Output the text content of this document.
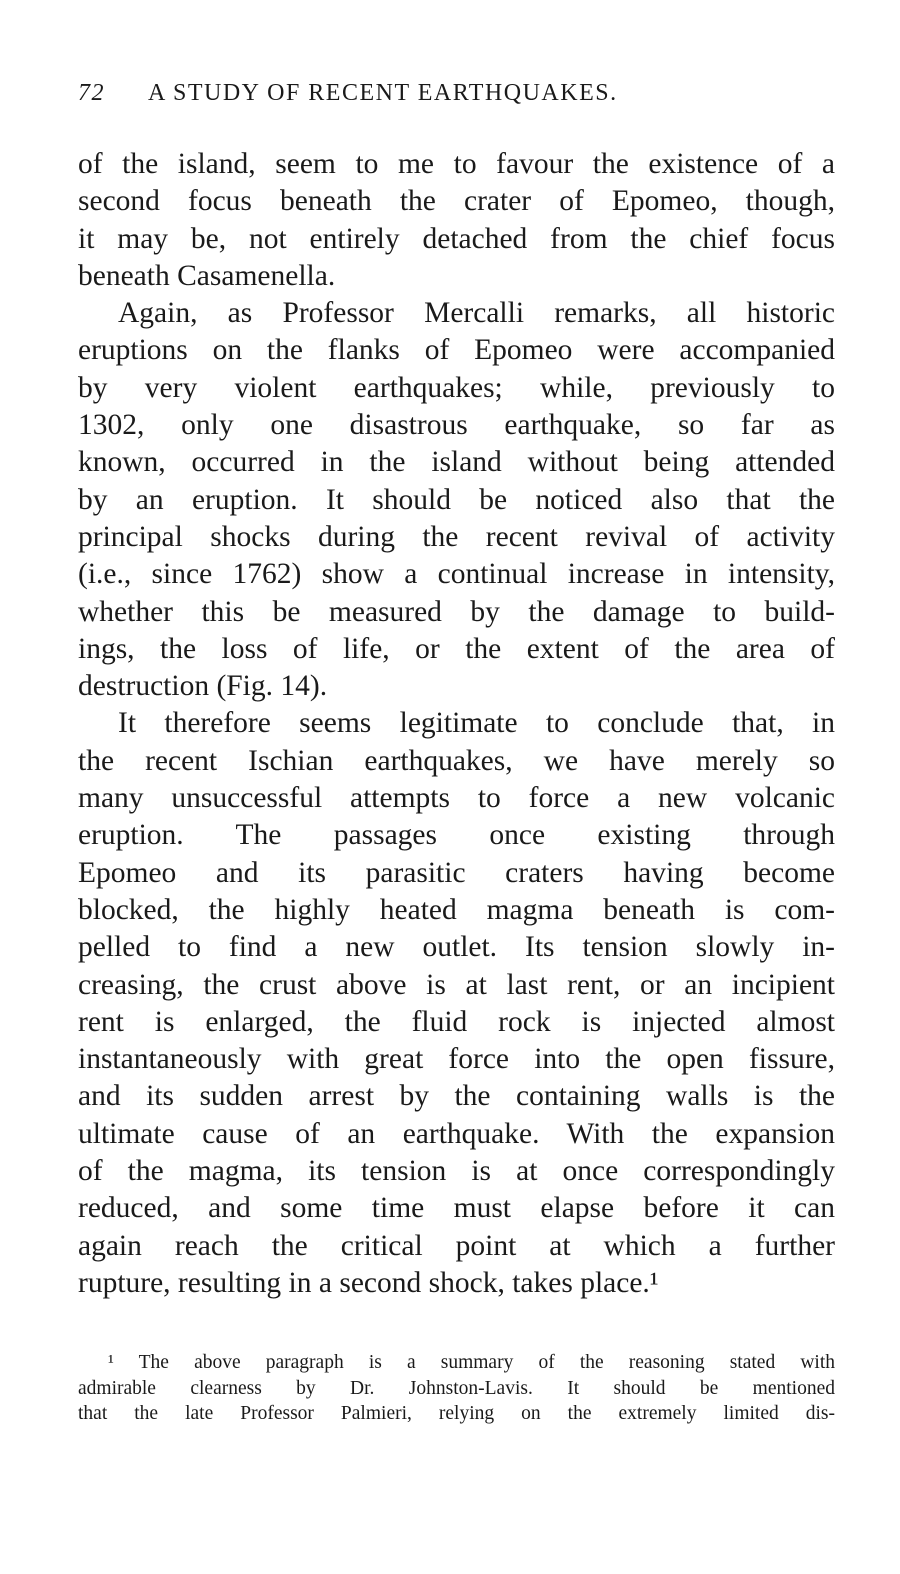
72 A STUDY OF RECENT EARTHQUAKES.
of the island, seem to me to favour the existence of a
second focus beneath the crater of Epomeo, though,
it may be, not entirely detached from the chief focus
beneath Casamenella.
Again, as Professor Mercalli remarks, all historic
eruptions on the flanks of Epomeo were accompanied
by very violent earthquakes; while, previously to
1302, only one disastrous earthquake, so far as
known, occurred in the island without being attended
by an eruption. It should be noticed also that the
principal shocks during the recent revival of activity
(i.e., since 1762) show a continual increase in intensity,
whether this be measured by the damage to build-
ings, the loss of life, or the extent of the area of
destruction (Fig. 14).
It therefore seems legitimate to conclude that, in
the recent Ischian earthquakes, we have merely so
many unsuccessful attempts to force a new volcanic
eruption. The passages once existing through
Epomeo and its parasitic craters having become
blocked, the highly heated magma beneath is com-
pelled to find a new outlet. Its tension slowly in-
creasing, the crust above is at last rent, or an incipient
rent is enlarged, the fluid rock is injected almost
instantaneously with great force into the open fissure,
and its sudden arrest by the containing walls is the
ultimate cause of an earthquake. With the expansion
of the magma, its tension is at once correspondingly
reduced, and some time must elapse before it can
again reach the critical point at which a further
rupture, resulting in a second shock, takes place.¹
¹ The above paragraph is a summary of the reasoning stated with
admirable clearness by Dr. Johnston-Lavis. It should be mentioned
that the late Professor Palmieri, relying on the extremely limited dis-
